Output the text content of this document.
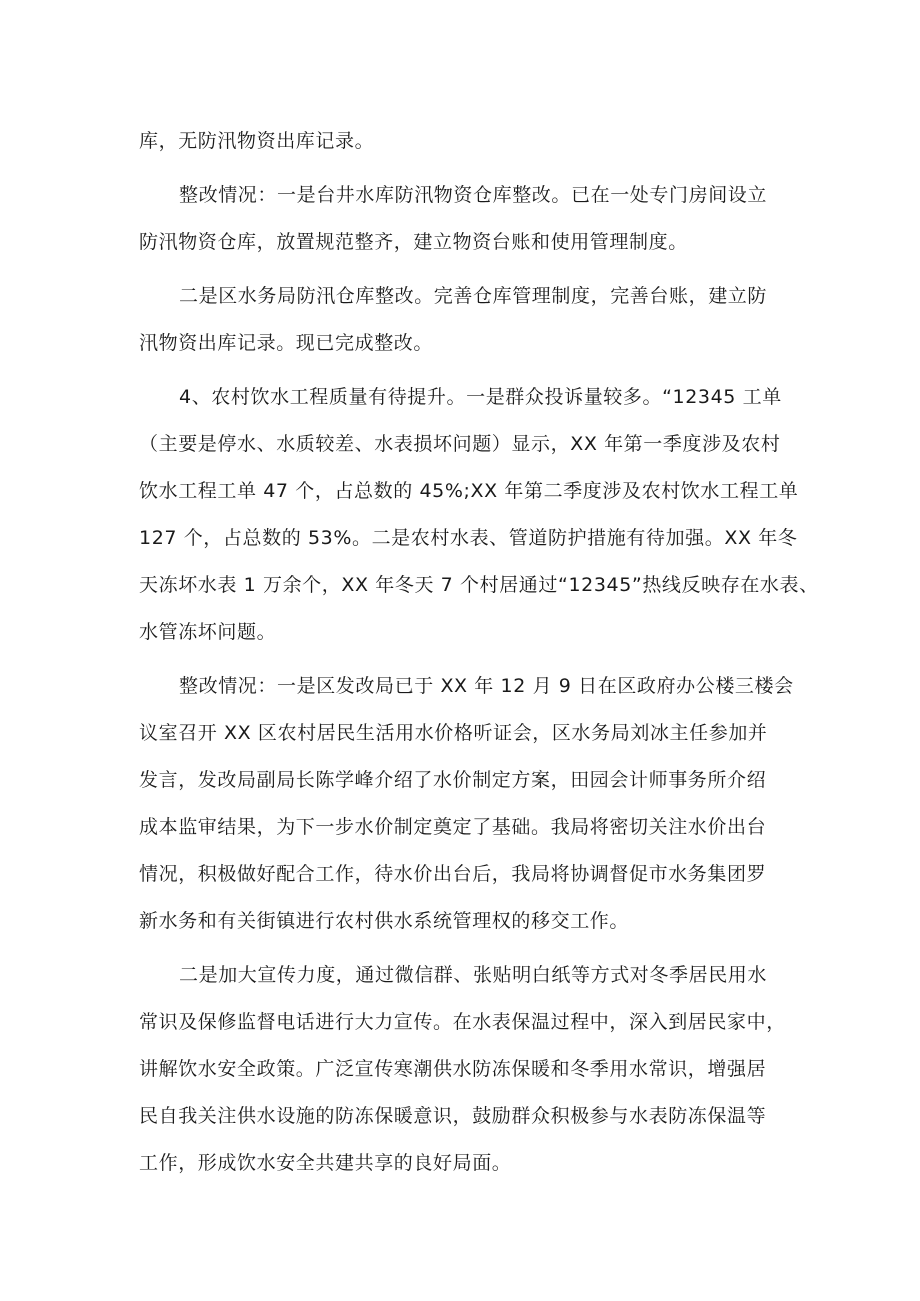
库，无防汛物资出库记录。
整改情况：一是台井水库防汛物资仓库整改。已在一处专门房间设立
防汛物资仓库，放置规范整齐，建立物资台账和使用管理制度。
二是区水务局防汛仓库整改。完善仓库管理制度，完善台账，建立防
汛物资出库记录。现已完成整改。
4、农村饮水工程质量有待提升。一是群众投诉量较多。“12345 工单
（主要是停水、水质较差、水表损坏问题）显示，XX 年第一季度涉及农村
饮水工程工单 47 个，占总数的 45%;XX 年第二季度涉及农村饮水工程工单
127 个，占总数的 53%。二是农村水表、管道防护措施有待加强。XX 年冬
天冻坏水表 1 万余个，XX 年冬天 7 个村居通过“12345”热线反映存在水表、
水管冻坏问题。
整改情况：一是区发改局已于 XX 年 12 月 9 日在区政府办公楼三楼会
议室召开 XX 区农村居民生活用水价格听证会，区水务局刘冰主任参加并
发言，发改局副局长陈学峰介绍了水价制定方案，田园会计师事务所介绍
成本监审结果，为下一步水价制定奠定了基础。我局将密切关注水价出台
情况，积极做好配合工作，待水价出台后，我局将协调督促市水务集团罗
新水务和有关街镇进行农村供水系统管理权的移交工作。
二是加大宣传力度，通过微信群、张贴明白纸等方式对冬季居民用水
常识及保修监督电话进行大力宣传。在水表保温过程中，深入到居民家中，
讲解饮水安全政策。广泛宣传寒潮供水防冻保暖和冬季用水常识，增强居
民自我关注供水设施的防冻保暖意识，鼓励群众积极参与水表防冻保温等
工作，形成饮水安全共建共享的良好局面。
